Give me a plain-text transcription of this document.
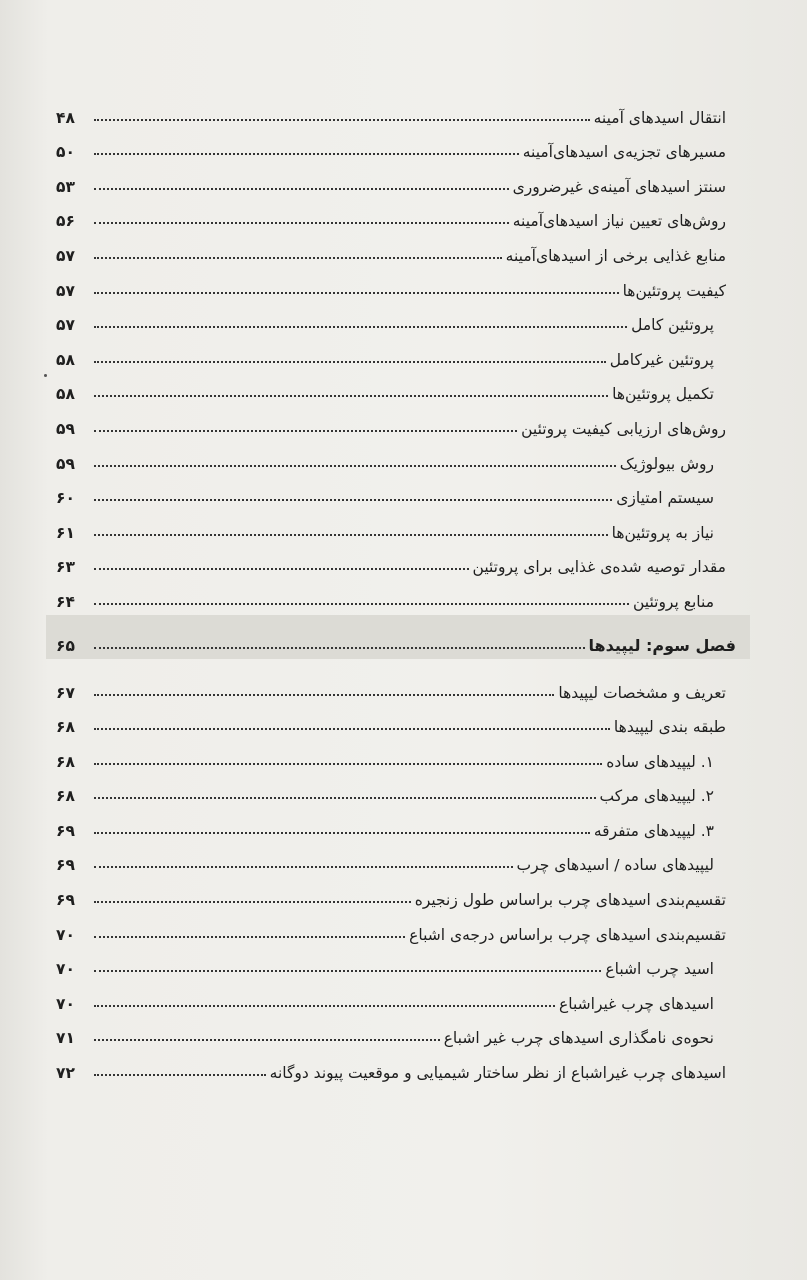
انتقال اسیدهای آمینه
۴۸
مسیرهای تجزیه‌ی اسیدهای‌آمینه
۵۰
سنتز اسیدهای آمینه‌ی غیرضروری
۵۳
روش‌های تعیین نیاز اسیدهای‌آمینه
۵۶
منابع غذایی برخی از اسیدهای‌آمینه
۵۷
کیفیت پروتئین‌ها
۵۷
پروتئین کامل
۵۷
پروتئین غیرکامل
۵۸
تکمیل پروتئین‌ها
۵۸
روش‌های ارزیابی کیفیت پروتئین
۵۹
روش بیولوژیک
۵۹
سیستم امتیازی
۶۰
نیاز به پروتئین‌ها
۶۱
مقدار توصیه شده‌ی غذایی برای پروتئین
۶۳
منابع پروتئین
۶۴
فصل سوم: لیپیدها
۶۵
تعریف و مشخصات لیپیدها
۶۷
طبقه بندی لیپیدها
۶۸
۱. لیپیدهای ساده
۶۸
۲. لیپیدهای مرکب
۶۸
۳. لیپیدهای متفرقه
۶۹
لیپیدهای ساده / اسیدهای چرب
۶۹
تقسیم‌بندی اسیدهای چرب براساس طول زنجیره
۶۹
تقسیم‌بندی اسیدهای چرب براساس درجه‌ی اشباع
۷۰
اسید چرب اشباع
۷۰
اسیدهای چرب غیراشباع
۷۰
نحوه‌ی نامگذاری اسیدهای چرب غیر اشباع
۷۱
اسیدهای چرب غیراشباع از نظر ساختار شیمیایی و موقعیت پیوند دوگانه
۷۲
